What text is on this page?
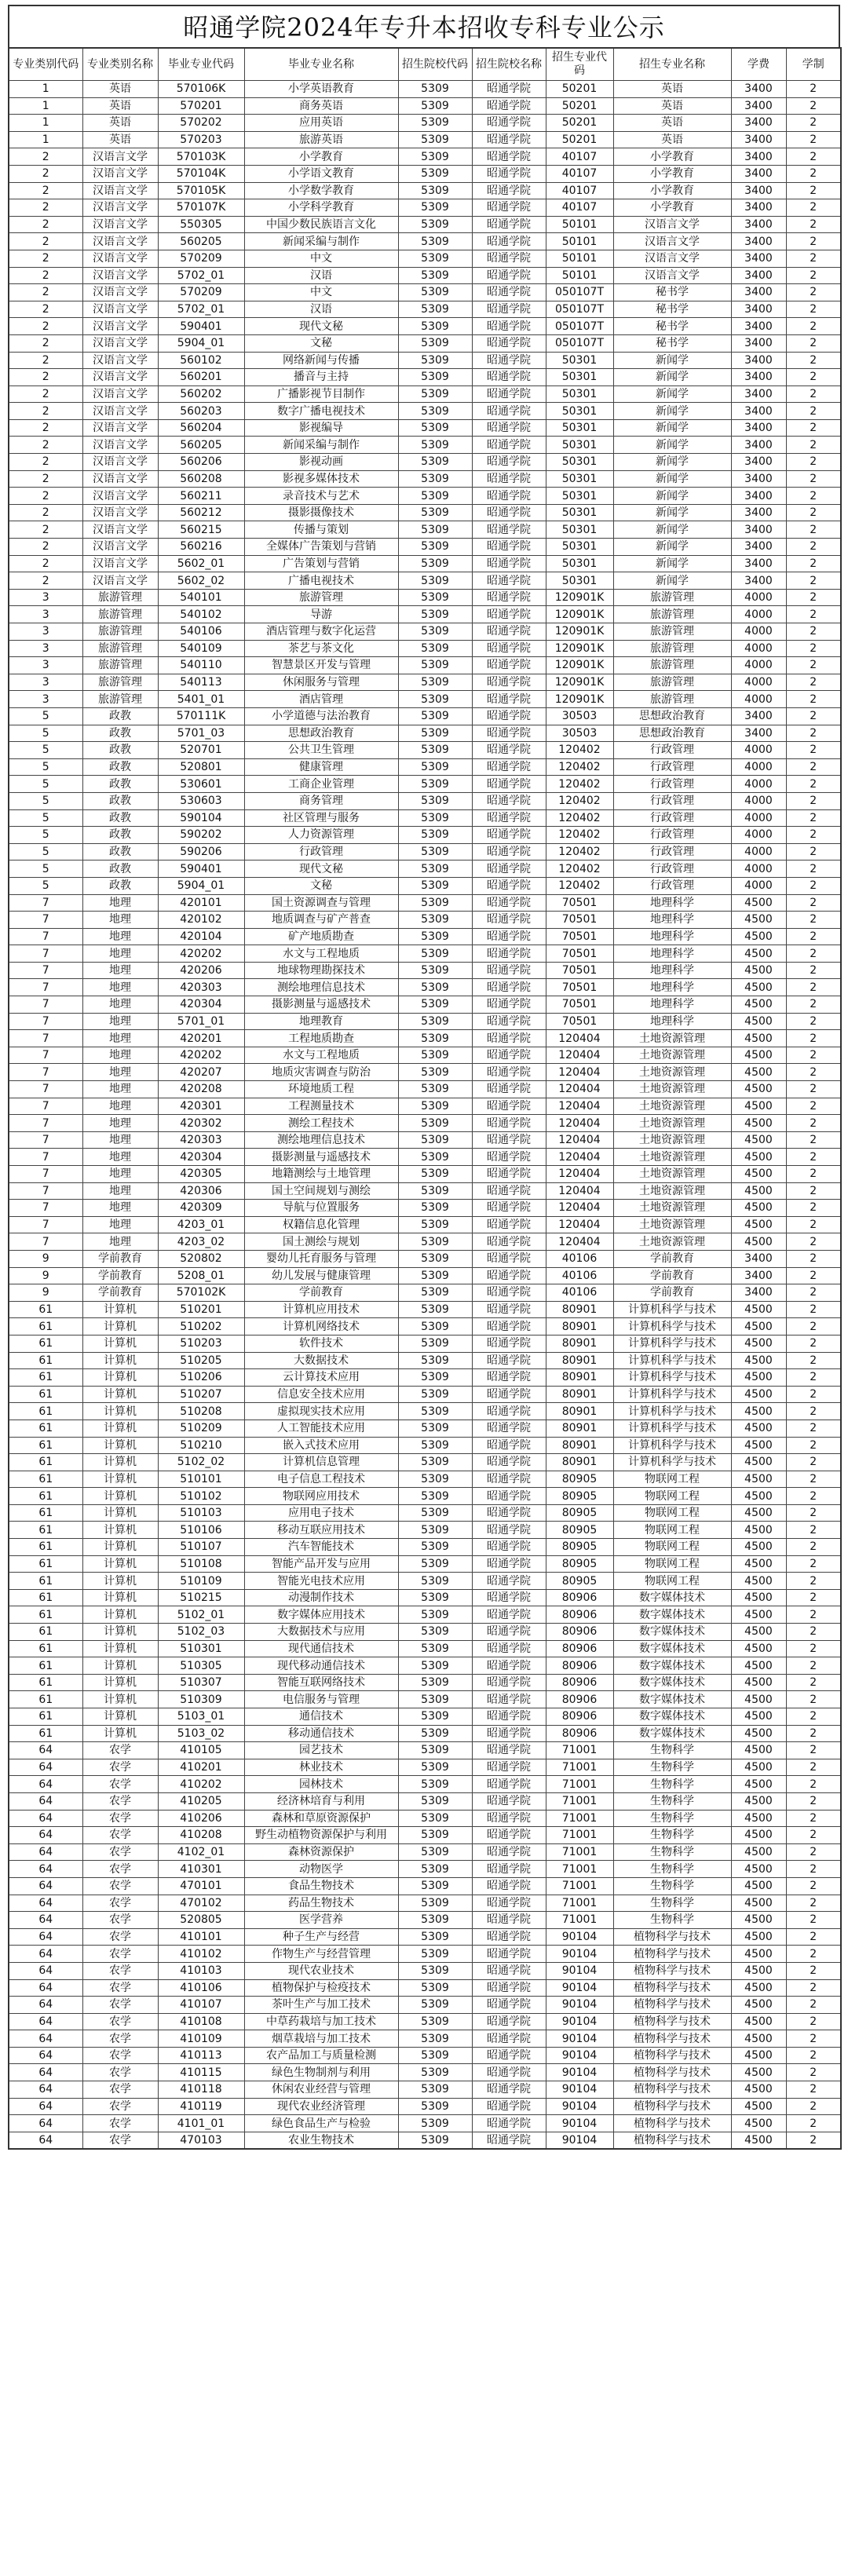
昭通学院2024年专升本招收专科专业公示
专业类别代码	专业类别名称	毕业专业代码	毕业专业名称	招生院校代码	招生院校名称	招生专业代码	招生专业名称	学费	学制
1	英语	570106K	小学英语教育	5309	昭通学院	50201	英语	3400	2
1	英语	570201	商务英语	5309	昭通学院	50201	英语	3400	2
1	英语	570202	应用英语	5309	昭通学院	50201	英语	3400	2
1	英语	570203	旅游英语	5309	昭通学院	50201	英语	3400	2
2	汉语言文学	570103K	小学教育	5309	昭通学院	40107	小学教育	3400	2
2	汉语言文学	570104K	小学语文教育	5309	昭通学院	40107	小学教育	3400	2
2	汉语言文学	570105K	小学数学教育	5309	昭通学院	40107	小学教育	3400	2
2	汉语言文学	570107K	小学科学教育	5309	昭通学院	40107	小学教育	3400	2
2	汉语言文学	550305	中国少数民族语言文化	5309	昭通学院	50101	汉语言文学	3400	2
2	汉语言文学	560205	新闻采编与制作	5309	昭通学院	50101	汉语言文学	3400	2
2	汉语言文学	570209	中文	5309	昭通学院	50101	汉语言文学	3400	2
2	汉语言文学	5702_01	汉语	5309	昭通学院	50101	汉语言文学	3400	2
2	汉语言文学	570209	中文	5309	昭通学院	050107T	秘书学	3400	2
2	汉语言文学	5702_01	汉语	5309	昭通学院	050107T	秘书学	3400	2
2	汉语言文学	590401	现代文秘	5309	昭通学院	050107T	秘书学	3400	2
2	汉语言文学	5904_01	文秘	5309	昭通学院	050107T	秘书学	3400	2
2	汉语言文学	560102	网络新闻与传播	5309	昭通学院	50301	新闻学	3400	2
2	汉语言文学	560201	播音与主持	5309	昭通学院	50301	新闻学	3400	2
2	汉语言文学	560202	广播影视节目制作	5309	昭通学院	50301	新闻学	3400	2
2	汉语言文学	560203	数字广播电视技术	5309	昭通学院	50301	新闻学	3400	2
2	汉语言文学	560204	影视编导	5309	昭通学院	50301	新闻学	3400	2
2	汉语言文学	560205	新闻采编与制作	5309	昭通学院	50301	新闻学	3400	2
2	汉语言文学	560206	影视动画	5309	昭通学院	50301	新闻学	3400	2
2	汉语言文学	560208	影视多媒体技术	5309	昭通学院	50301	新闻学	3400	2
2	汉语言文学	560211	录音技术与艺术	5309	昭通学院	50301	新闻学	3400	2
2	汉语言文学	560212	摄影摄像技术	5309	昭通学院	50301	新闻学	3400	2
2	汉语言文学	560215	传播与策划	5309	昭通学院	50301	新闻学	3400	2
2	汉语言文学	560216	全媒体广告策划与营销	5309	昭通学院	50301	新闻学	3400	2
2	汉语言文学	5602_01	广告策划与营销	5309	昭通学院	50301	新闻学	3400	2
2	汉语言文学	5602_02	广播电视技术	5309	昭通学院	50301	新闻学	3400	2
3	旅游管理	540101	旅游管理	5309	昭通学院	120901K	旅游管理	4000	2
3	旅游管理	540102	导游	5309	昭通学院	120901K	旅游管理	4000	2
3	旅游管理	540106	酒店管理与数字化运营	5309	昭通学院	120901K	旅游管理	4000	2
3	旅游管理	540109	茶艺与茶文化	5309	昭通学院	120901K	旅游管理	4000	2
3	旅游管理	540110	智慧景区开发与管理	5309	昭通学院	120901K	旅游管理	4000	2
3	旅游管理	540113	休闲服务与管理	5309	昭通学院	120901K	旅游管理	4000	2
3	旅游管理	5401_01	酒店管理	5309	昭通学院	120901K	旅游管理	4000	2
5	政教	570111K	小学道德与法治教育	5309	昭通学院	30503	思想政治教育	3400	2
5	政教	5701_03	思想政治教育	5309	昭通学院	30503	思想政治教育	3400	2
5	政教	520701	公共卫生管理	5309	昭通学院	120402	行政管理	4000	2
5	政教	520801	健康管理	5309	昭通学院	120402	行政管理	4000	2
5	政教	530601	工商企业管理	5309	昭通学院	120402	行政管理	4000	2
5	政教	530603	商务管理	5309	昭通学院	120402	行政管理	4000	2
5	政教	590104	社区管理与服务	5309	昭通学院	120402	行政管理	4000	2
5	政教	590202	人力资源管理	5309	昭通学院	120402	行政管理	4000	2
5	政教	590206	行政管理	5309	昭通学院	120402	行政管理	4000	2
5	政教	590401	现代文秘	5309	昭通学院	120402	行政管理	4000	2
5	政教	5904_01	文秘	5309	昭通学院	120402	行政管理	4000	2
7	地理	420101	国土资源调查与管理	5309	昭通学院	70501	地理科学	4500	2
7	地理	420102	地质调查与矿产普查	5309	昭通学院	70501	地理科学	4500	2
7	地理	420104	矿产地质勘查	5309	昭通学院	70501	地理科学	4500	2
7	地理	420202	水文与工程地质	5309	昭通学院	70501	地理科学	4500	2
7	地理	420206	地球物理勘探技术	5309	昭通学院	70501	地理科学	4500	2
7	地理	420303	测绘地理信息技术	5309	昭通学院	70501	地理科学	4500	2
7	地理	420304	摄影测量与遥感技术	5309	昭通学院	70501	地理科学	4500	2
7	地理	5701_01	地理教育	5309	昭通学院	70501	地理科学	4500	2
7	地理	420201	工程地质勘查	5309	昭通学院	120404	土地资源管理	4500	2
7	地理	420202	水文与工程地质	5309	昭通学院	120404	土地资源管理	4500	2
7	地理	420207	地质灾害调查与防治	5309	昭通学院	120404	土地资源管理	4500	2
7	地理	420208	环境地质工程	5309	昭通学院	120404	土地资源管理	4500	2
7	地理	420301	工程测量技术	5309	昭通学院	120404	土地资源管理	4500	2
7	地理	420302	测绘工程技术	5309	昭通学院	120404	土地资源管理	4500	2
7	地理	420303	测绘地理信息技术	5309	昭通学院	120404	土地资源管理	4500	2
7	地理	420304	摄影测量与遥感技术	5309	昭通学院	120404	土地资源管理	4500	2
7	地理	420305	地籍测绘与土地管理	5309	昭通学院	120404	土地资源管理	4500	2
7	地理	420306	国土空间规划与测绘	5309	昭通学院	120404	土地资源管理	4500	2
7	地理	420309	导航与位置服务	5309	昭通学院	120404	土地资源管理	4500	2
7	地理	4203_01	权籍信息化管理	5309	昭通学院	120404	土地资源管理	4500	2
7	地理	4203_02	国土测绘与规划	5309	昭通学院	120404	土地资源管理	4500	2
9	学前教育	520802	婴幼儿托育服务与管理	5309	昭通学院	40106	学前教育	3400	2
9	学前教育	5208_01	幼儿发展与健康管理	5309	昭通学院	40106	学前教育	3400	2
9	学前教育	570102K	学前教育	5309	昭通学院	40106	学前教育	3400	2
61	计算机	510201	计算机应用技术	5309	昭通学院	80901	计算机科学与技术	4500	2
61	计算机	510202	计算机网络技术	5309	昭通学院	80901	计算机科学与技术	4500	2
61	计算机	510203	软件技术	5309	昭通学院	80901	计算机科学与技术	4500	2
61	计算机	510205	大数据技术	5309	昭通学院	80901	计算机科学与技术	4500	2
61	计算机	510206	云计算技术应用	5309	昭通学院	80901	计算机科学与技术	4500	2
61	计算机	510207	信息安全技术应用	5309	昭通学院	80901	计算机科学与技术	4500	2
61	计算机	510208	虚拟现实技术应用	5309	昭通学院	80901	计算机科学与技术	4500	2
61	计算机	510209	人工智能技术应用	5309	昭通学院	80901	计算机科学与技术	4500	2
61	计算机	510210	嵌入式技术应用	5309	昭通学院	80901	计算机科学与技术	4500	2
61	计算机	5102_02	计算机信息管理	5309	昭通学院	80901	计算机科学与技术	4500	2
61	计算机	510101	电子信息工程技术	5309	昭通学院	80905	物联网工程	4500	2
61	计算机	510102	物联网应用技术	5309	昭通学院	80905	物联网工程	4500	2
61	计算机	510103	应用电子技术	5309	昭通学院	80905	物联网工程	4500	2
61	计算机	510106	移动互联应用技术	5309	昭通学院	80905	物联网工程	4500	2
61	计算机	510107	汽车智能技术	5309	昭通学院	80905	物联网工程	4500	2
61	计算机	510108	智能产品开发与应用	5309	昭通学院	80905	物联网工程	4500	2
61	计算机	510109	智能光电技术应用	5309	昭通学院	80905	物联网工程	4500	2
61	计算机	510215	动漫制作技术	5309	昭通学院	80906	数字媒体技术	4500	2
61	计算机	5102_01	数字媒体应用技术	5309	昭通学院	80906	数字媒体技术	4500	2
61	计算机	5102_03	大数据技术与应用	5309	昭通学院	80906	数字媒体技术	4500	2
61	计算机	510301	现代通信技术	5309	昭通学院	80906	数字媒体技术	4500	2
61	计算机	510305	现代移动通信技术	5309	昭通学院	80906	数字媒体技术	4500	2
61	计算机	510307	智能互联网络技术	5309	昭通学院	80906	数字媒体技术	4500	2
61	计算机	510309	电信服务与管理	5309	昭通学院	80906	数字媒体技术	4500	2
61	计算机	5103_01	通信技术	5309	昭通学院	80906	数字媒体技术	4500	2
61	计算机	5103_02	移动通信技术	5309	昭通学院	80906	数字媒体技术	4500	2
64	农学	410105	园艺技术	5309	昭通学院	71001	生物科学	4500	2
64	农学	410201	林业技术	5309	昭通学院	71001	生物科学	4500	2
64	农学	410202	园林技术	5309	昭通学院	71001	生物科学	4500	2
64	农学	410205	经济林培育与利用	5309	昭通学院	71001	生物科学	4500	2
64	农学	410206	森林和草原资源保护	5309	昭通学院	71001	生物科学	4500	2
64	农学	410208	野生动植物资源保护与利用	5309	昭通学院	71001	生物科学	4500	2
64	农学	4102_01	森林资源保护	5309	昭通学院	71001	生物科学	4500	2
64	农学	410301	动物医学	5309	昭通学院	71001	生物科学	4500	2
64	农学	470101	食品生物技术	5309	昭通学院	71001	生物科学	4500	2
64	农学	470102	药品生物技术	5309	昭通学院	71001	生物科学	4500	2
64	农学	520805	医学营养	5309	昭通学院	71001	生物科学	4500	2
64	农学	410101	种子生产与经营	5309	昭通学院	90104	植物科学与技术	4500	2
64	农学	410102	作物生产与经营管理	5309	昭通学院	90104	植物科学与技术	4500	2
64	农学	410103	现代农业技术	5309	昭通学院	90104	植物科学与技术	4500	2
64	农学	410106	植物保护与检疫技术	5309	昭通学院	90104	植物科学与技术	4500	2
64	农学	410107	茶叶生产与加工技术	5309	昭通学院	90104	植物科学与技术	4500	2
64	农学	410108	中草药栽培与加工技术	5309	昭通学院	90104	植物科学与技术	4500	2
64	农学	410109	烟草栽培与加工技术	5309	昭通学院	90104	植物科学与技术	4500	2
64	农学	410113	农产品加工与质量检测	5309	昭通学院	90104	植物科学与技术	4500	2
64	农学	410115	绿色生物制剂与利用	5309	昭通学院	90104	植物科学与技术	4500	2
64	农学	410118	休闲农业经营与管理	5309	昭通学院	90104	植物科学与技术	4500	2
64	农学	410119	现代农业经济管理	5309	昭通学院	90104	植物科学与技术	4500	2
64	农学	4101_01	绿色食品生产与检验	5309	昭通学院	90104	植物科学与技术	4500	2
64	农学	470103	农业生物技术	5309	昭通学院	90104	植物科学与技术	4500	2
